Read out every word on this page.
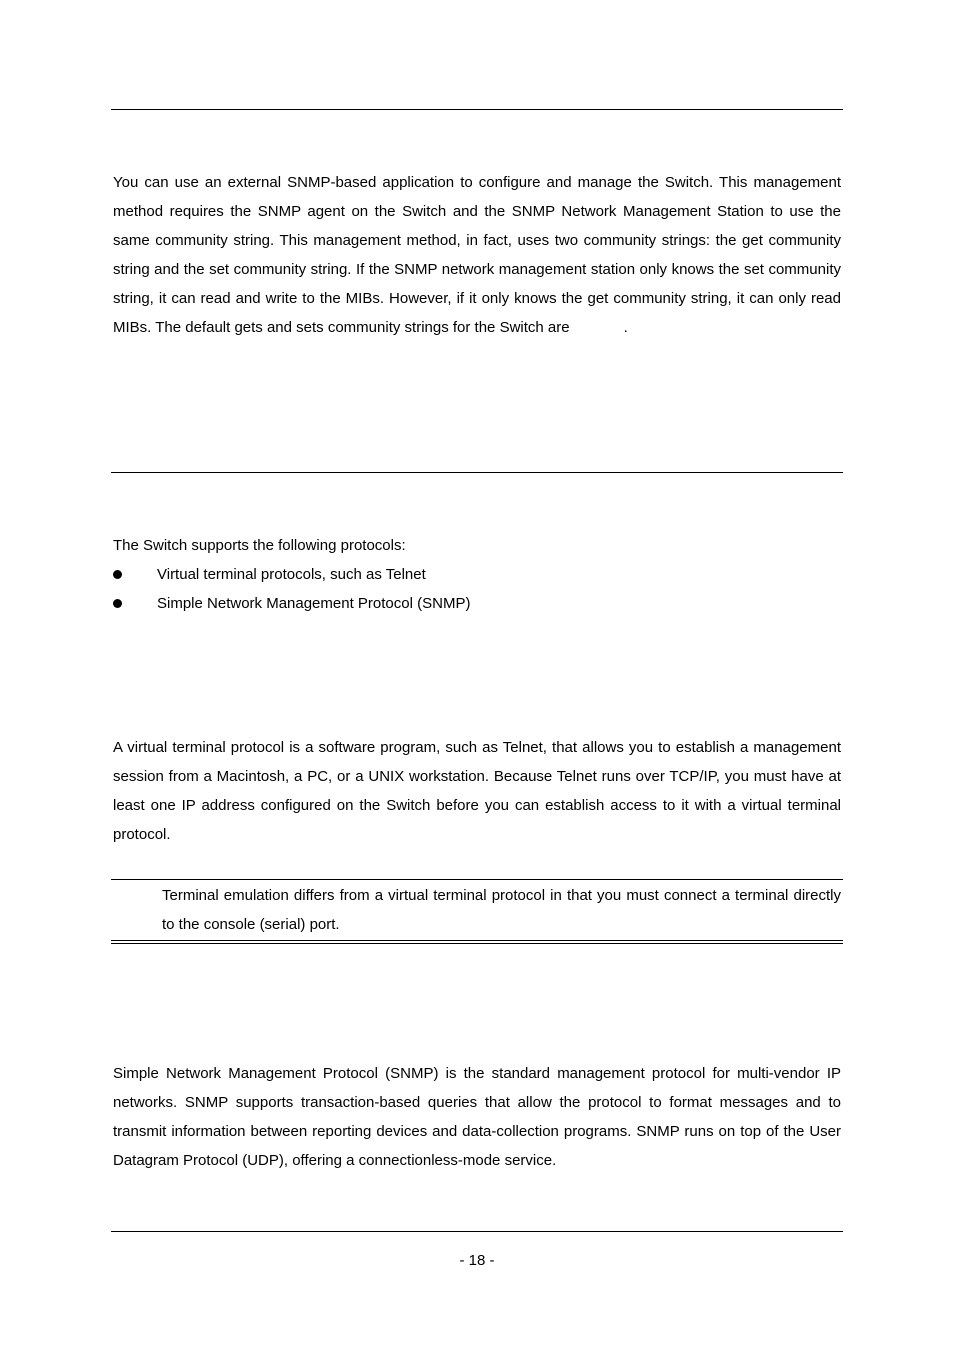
You can use an external SNMP-based application to configure and manage the Switch. This management method requires the SNMP agent on the Switch and the SNMP Network Management Station to use the same community string. This management method, in fact, uses two community strings: the get community string and the set community string. If the SNMP network management station only knows the set community string, it can read and write to the MIBs. However, if it only knows the get community string, it can only read MIBs. The default gets and sets community strings for the Switch are	.

The Switch supports the following protocols:

Virtual terminal protocols, such as Telnet
Simple Network Management Protocol (SNMP)

A virtual terminal protocol is a software program, such as Telnet, that allows you to establish a management session from a Macintosh, a PC, or a UNIX workstation. Because Telnet runs over TCP/IP, you must have at least one IP address configured on the Switch before you can establish access to it with a virtual terminal protocol.

Terminal emulation differs from a virtual terminal protocol in that you must connect a terminal directly to the console (serial) port.

Simple Network Management Protocol (SNMP) is the standard management protocol for multi-vendor IP networks. SNMP supports transaction-based queries that allow the protocol to format messages and to transmit information between reporting devices and data-collection programs. SNMP runs on top of the User Datagram Protocol (UDP), offering a connectionless-mode service.

- 18 -
